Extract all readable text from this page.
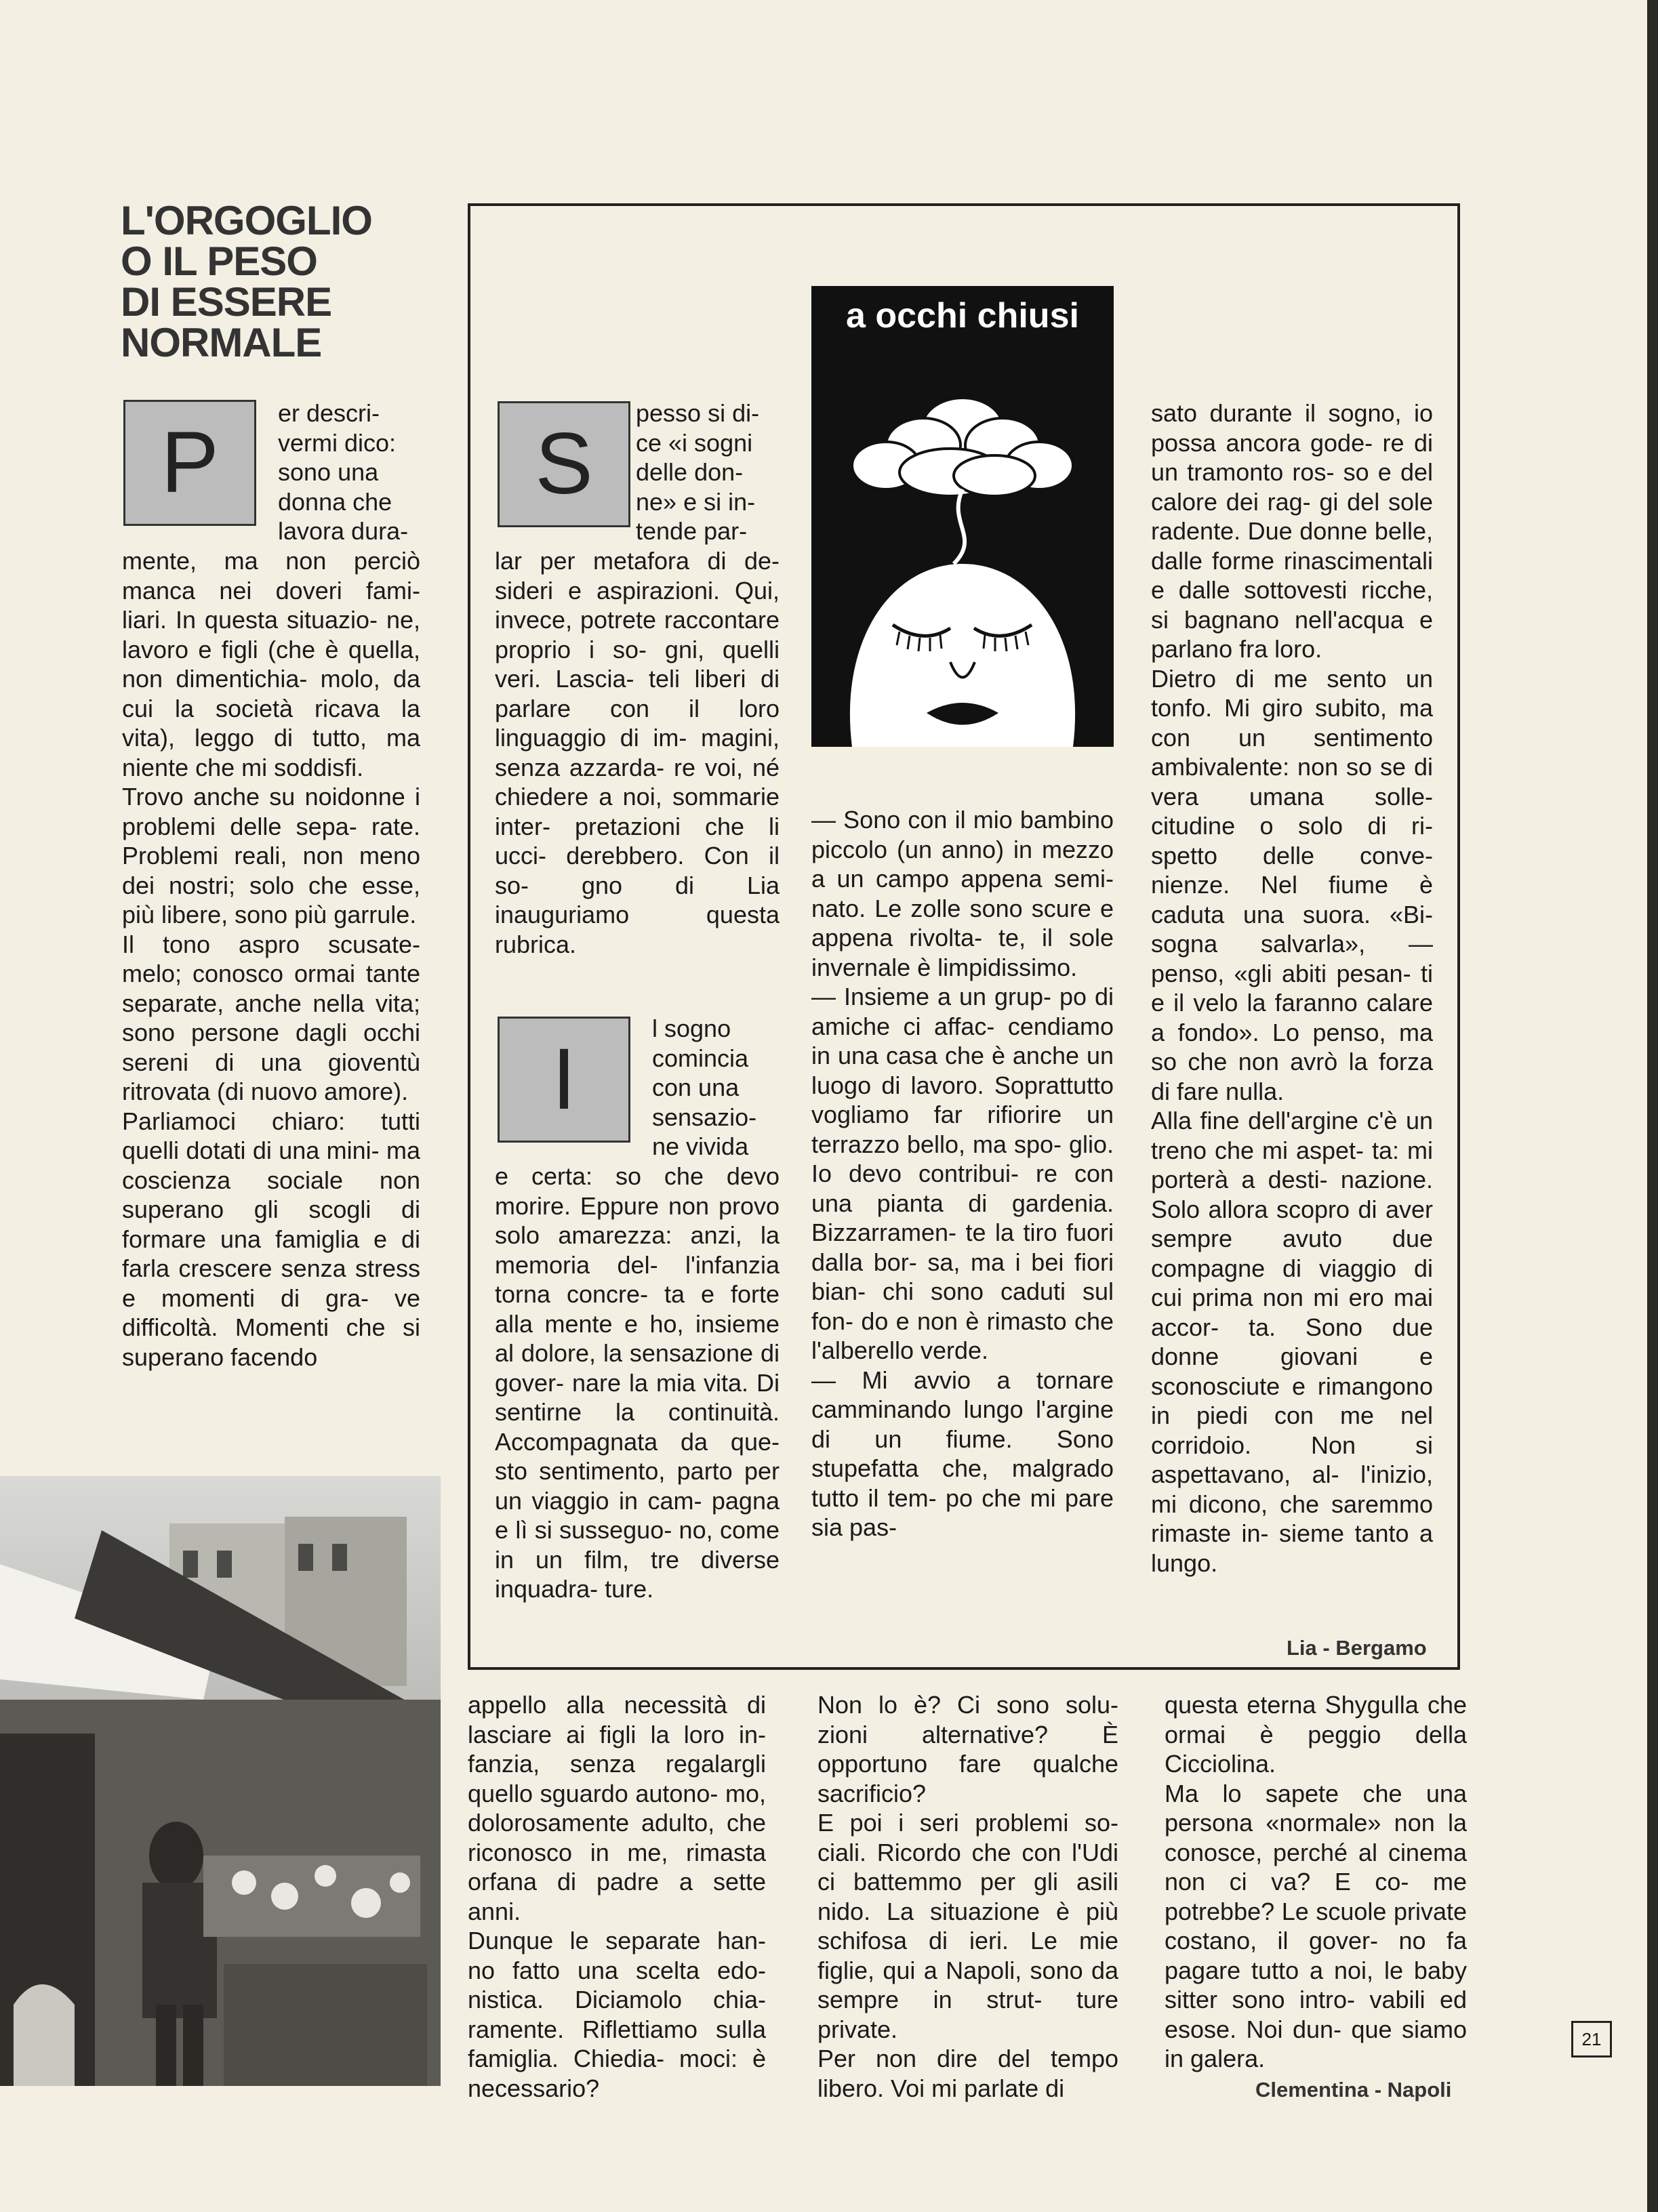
L'ORGOGLIO
O IL PESO
DI ESSERE
NORMALE
P
er descri-
vermi dico:
sono una
donna che
lavora dura-
mente, ma non perciò manca nei doveri fami- liari. In questa situazio- ne, lavoro e figli (che è quella, non dimentichia- molo, da cui la società ricava la vita), leggo di tutto, ma niente che mi soddisfi.
Trovo anche su noidonne i problemi delle sepa- rate. Problemi reali, non meno dei nostri; solo che esse, più libere, sono più garrule.
Il tono aspro scusate- melo; conosco ormai tante separate, anche nella vita; sono persone dagli occhi sereni di una gioventù ritrovata (di nuovo amore).
Parliamoci chiaro: tutti quelli dotati di una mini- ma coscienza sociale non superano gli scogli di formare una famiglia e di farla crescere senza stress e momenti di gra- ve difficoltà. Momenti che si superano facendo
S
pesso si di-
ce «i sogni
delle don-
ne» e si in-
tende par-
lar per metafora di de- sideri e aspirazioni. Qui, invece, potrete raccontare proprio i so- gni, quelli veri. Lascia- teli liberi di parlare con il loro linguaggio di im- magini, senza azzarda- re voi, né chiedere a noi, sommarie inter- pretazioni che li ucci- derebbero. Con il so- gno di Lia inauguriamo questa rubrica.
I
l sogno
comincia
con una
sensazio-
ne vivida
e certa: so che devo morire. Eppure non provo solo amarezza: anzi, la memoria del- l'infanzia torna concre- ta e forte alla mente e ho, insieme al dolore, la sensazione di gover- nare la mia vita. Di sentirne la continuità. Accompagnata da que- sto sentimento, parto per un viaggio in cam- pagna e lì si susseguo- no, come in un film, tre diverse inquadra- ture.
a occhi chiusi
— Sono con il mio bambino piccolo (un anno) in mezzo a un campo appena semi- nato. Le zolle sono scure e appena rivolta- te, il sole invernale è limpidissimo.
— Insieme a un grup- po di amiche ci affac- cendiamo in una casa che è anche un luogo di lavoro. Soprattutto vogliamo far rifiorire un terrazzo bello, ma spo- glio. Io devo contribui- re con una pianta di gardenia. Bizzarramen- te la tiro fuori dalla bor- sa, ma i bei fiori bian- chi sono caduti sul fon- do e non è rimasto che l'alberello verde.
— Mi avvio a tornare camminando lungo l'argine di un fiume. Sono stupefatta che, malgrado tutto il tem- po che mi pare sia pas-
sato durante il sogno, io possa ancora gode- re di un tramonto ros- so e del calore dei rag- gi del sole radente. Due donne belle, dalle forme rinascimentali e dalle sottovesti ricche, si bagnano nell'acqua e parlano fra loro.
Dietro di me sento un tonfo. Mi giro subito, ma con un sentimento ambivalente: non so se di vera umana solle- citudine o solo di ri- spetto delle conve- nienze. Nel fiume è caduta una suora. «Bi- sogna salvarla», — penso, «gli abiti pesan- ti e il velo la faranno calare a fondo». Lo penso, ma so che non avrò la forza di fare nulla.
Alla fine dell'argine c'è un treno che mi aspet- ta: mi porterà a desti- nazione. Solo allora scopro di aver sempre avuto due compagne di viaggio di cui prima non mi ero mai accor- ta. Sono due donne giovani e sconosciute e rimangono in piedi con me nel corridoio. Non si aspettavano, al- l'inizio, mi dicono, che saremmo rimaste in- sieme tanto a lungo.
Lia - Bergamo
appello alla necessità di lasciare ai figli la loro in- fanzia, senza regalargli quello sguardo autono- mo, dolorosamente adulto, che riconosco in me, rimasta orfana di padre a sette anni.
Dunque le separate han- no fatto una scelta edo- nistica. Diciamolo chia- ramente. Riflettiamo sulla famiglia. Chiedia- moci: è necessario?
Non lo è? Ci sono solu- zioni alternative? È opportuno fare qualche sacrificio?
E poi i seri problemi so- ciali. Ricordo che con l'Udi ci battemmo per gli asili nido. La situazione è più schifosa di ieri. Le mie figlie, qui a Napoli, sono da sempre in strut- ture private.
Per non dire del tempo libero. Voi mi parlate di
questa eterna Shygulla che ormai è peggio della Cicciolina.
Ma lo sapete che una persona «normale» non la conosce, perché al cinema non ci va? E co- me potrebbe? Le scuole private costano, il gover- no fa pagare tutto a noi, le baby sitter sono intro- vabili ed esose. Noi dun- que siamo in galera.
Clementina - Napoli
21
